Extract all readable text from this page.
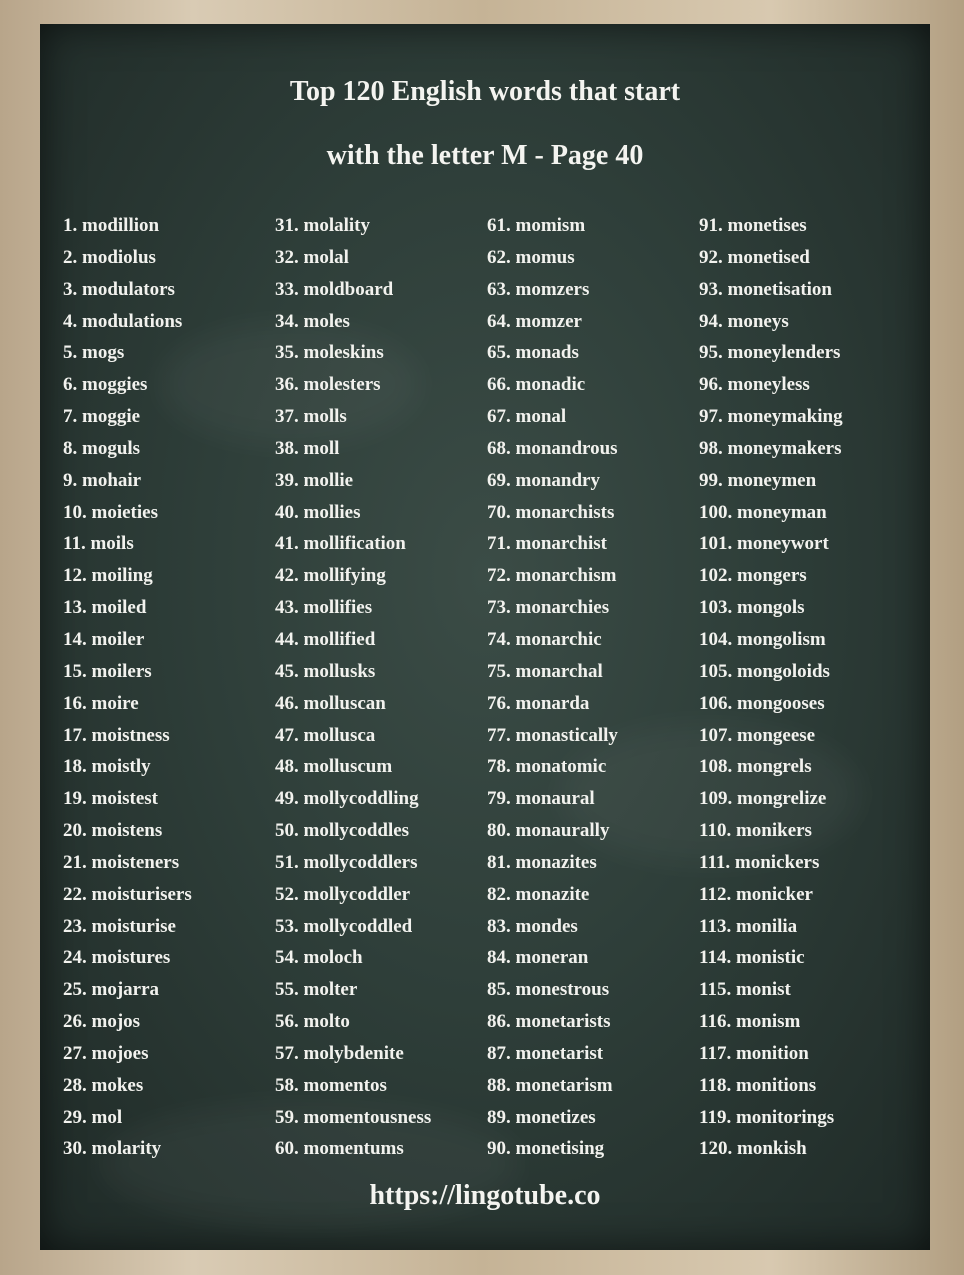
Top 120 English words that start
with the letter M - Page 40
1. modillion
2. modiolus
3. modulators
4. modulations
5. mogs
6. moggies
7. moggie
8. moguls
9. mohair
10. moieties
11. moils
12. moiling
13. moiled
14. moiler
15. moilers
16. moire
17. moistness
18. moistly
19. moistest
20. moistens
21. moisteners
22. moisturisers
23. moisturise
24. moistures
25. mojarra
26. mojos
27. mojoes
28. mokes
29. mol
30. molarity
31. molality
32. molal
33. moldboard
34. moles
35. moleskins
36. molesters
37. molls
38. moll
39. mollie
40. mollies
41. mollification
42. mollifying
43. mollifies
44. mollified
45. mollusks
46. molluscan
47. mollusca
48. molluscum
49. mollycoddling
50. mollycoddles
51. mollycoddlers
52. mollycoddler
53. mollycoddled
54. moloch
55. molter
56. molto
57. molybdenite
58. momentos
59. momentousness
60. momentums
61. momism
62. momus
63. momzers
64. momzer
65. monads
66. monadic
67. monal
68. monandrous
69. monandry
70. monarchists
71. monarchist
72. monarchism
73. monarchies
74. monarchic
75. monarchal
76. monarda
77. monastically
78. monatomic
79. monaural
80. monaurally
81. monazites
82. monazite
83. mondes
84. moneran
85. monestrous
86. monetarists
87. monetarist
88. monetarism
89. monetizes
90. monetising
91. monetises
92. monetised
93. monetisation
94. moneys
95. moneylenders
96. moneyless
97. moneymaking
98. moneymakers
99. moneymen
100. moneyman
101. moneywort
102. mongers
103. mongols
104. mongolism
105. mongoloids
106. mongooses
107. mongeese
108. mongrels
109. mongrelize
110. monikers
111. monickers
112. monicker
113. monilia
114. monistic
115. monist
116. monism
117. monition
118. monitions
119. monitorings
120. monkish
https://lingotube.co
